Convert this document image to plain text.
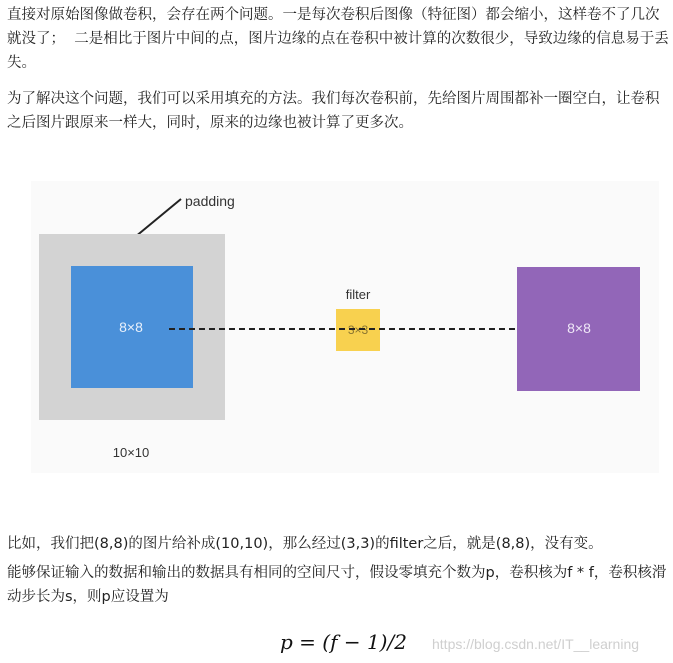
直接对原始图像做卷积，会存在两个问题。一是每次卷积后图像（特征图）都会缩小，这样卷不了几次就没了；  二是相比于图片中间的点，图片边缘的点在卷积中被计算的次数很少，导致边缘的信息易于丢失。

为了解决这个问题，我们可以采用填充的方法。我们每次卷积前，先给图片周围都补一圈空白，让卷积之后图片跟原来一样大，同时，原来的边缘也被计算了更多次。

padding
8×8
10×10
filter
3×3	8×8

比如，我们把(8,8)的图片给补成(10,10)，那么经过(3,3)的filter之后，就是(8,8)，没有变。

能够保证输入的数据和输出的数据具有相同的空间尺寸，假设零填充个数为p，卷积核为f * f，卷积核滑动步长为s，则p应设置为

p = (f − 1)/2 https://blog.csdn.net/IT__learning
